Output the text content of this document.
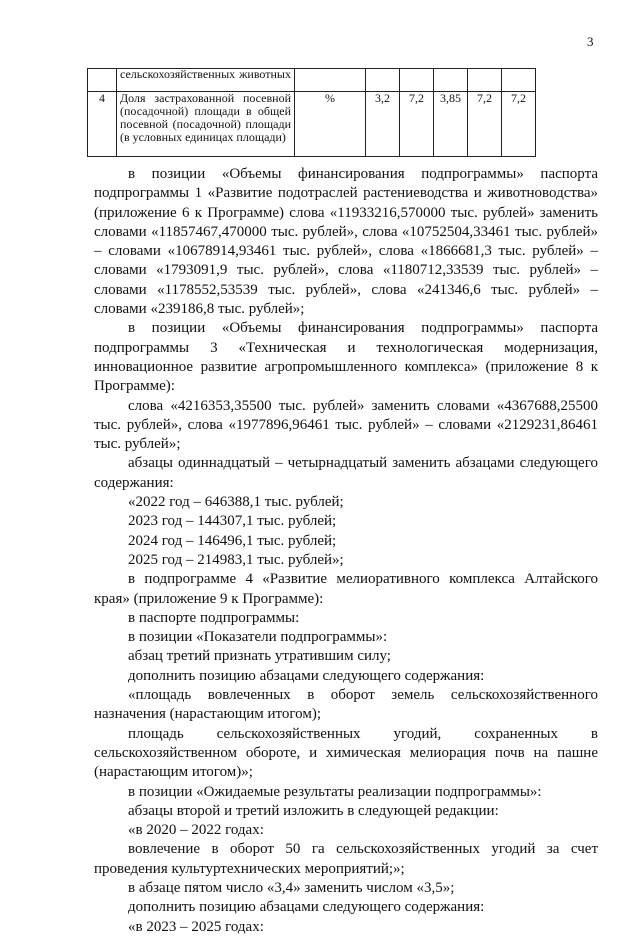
3

	сельскохозяйственных животных						

4	Доля застрахованной посевной (посадочной) площади в общей посевной (посадочной) площади (в условных единицах площади)	%	3,2	7,2	3,85	7,2	7,2

в позиции «Объемы финансирования подпрограммы» паспорта подпрограммы 1 «Развитие подотраслей растениеводства и животноводства» (приложение 6 к Программе) слова «11933216,570000 тыс. рублей» заменить словами «11857467,470000 тыс. рублей», слова «10752504,33461 тыс. рублей» – словами «10678914,93461 тыс. рублей», слова «1866681,3 тыс. рублей» – словами «1793091,9 тыс. рублей», слова «1180712,33539 тыс. рублей» – словами «1178552,53539 тыс. рублей», слова «241346,6 тыс. рублей» – словами «239186,8 тыс. рублей»;

в позиции «Объемы финансирования подпрограммы» паспорта подпрограммы 3 «Техническая и технологическая модернизация, инновационное развитие агропромышленного комплекса» (приложение 8 к Программе):

слова «4216353,35500 тыс. рублей» заменить словами «4367688,25500 тыс. рублей», слова «1977896,96461 тыс. рублей» – словами «2129231,86461 тыс. рублей»;

абзацы одиннадцатый – четырнадцатый заменить абзацами следующего содержания:

«2022 год – 646388,1 тыс. рублей;

2023 год – 144307,1 тыс. рублей;

2024 год – 146496,1 тыс. рублей;

2025 год – 214983,1 тыс. рублей»;

в подпрограмме 4 «Развитие мелиоративного комплекса Алтайского края» (приложение 9 к Программе):

в паспорте подпрограммы:

в позиции «Показатели подпрограммы»:

абзац третий признать утратившим силу;

дополнить позицию абзацами следующего содержания:

«площадь вовлеченных в оборот земель сельскохозяйственного назначения (нарастающим итогом);

площадь сельскохозяйственных угодий, сохраненных в сельскохозяйственном обороте, и химическая мелиорация почв на пашне (нарастающим итогом)»;

в позиции «Ожидаемые результаты реализации подпрограммы»:

абзацы второй и третий изложить в следующей редакции:

«в 2020 – 2022 годах:

вовлечение в оборот 50 га сельскохозяйственных угодий за счет проведения культуртехнических мероприятий;»;

в абзаце пятом число «3,4» заменить числом «3,5»;

дополнить позицию абзацами следующего содержания:

«в 2023 – 2025 годах:
